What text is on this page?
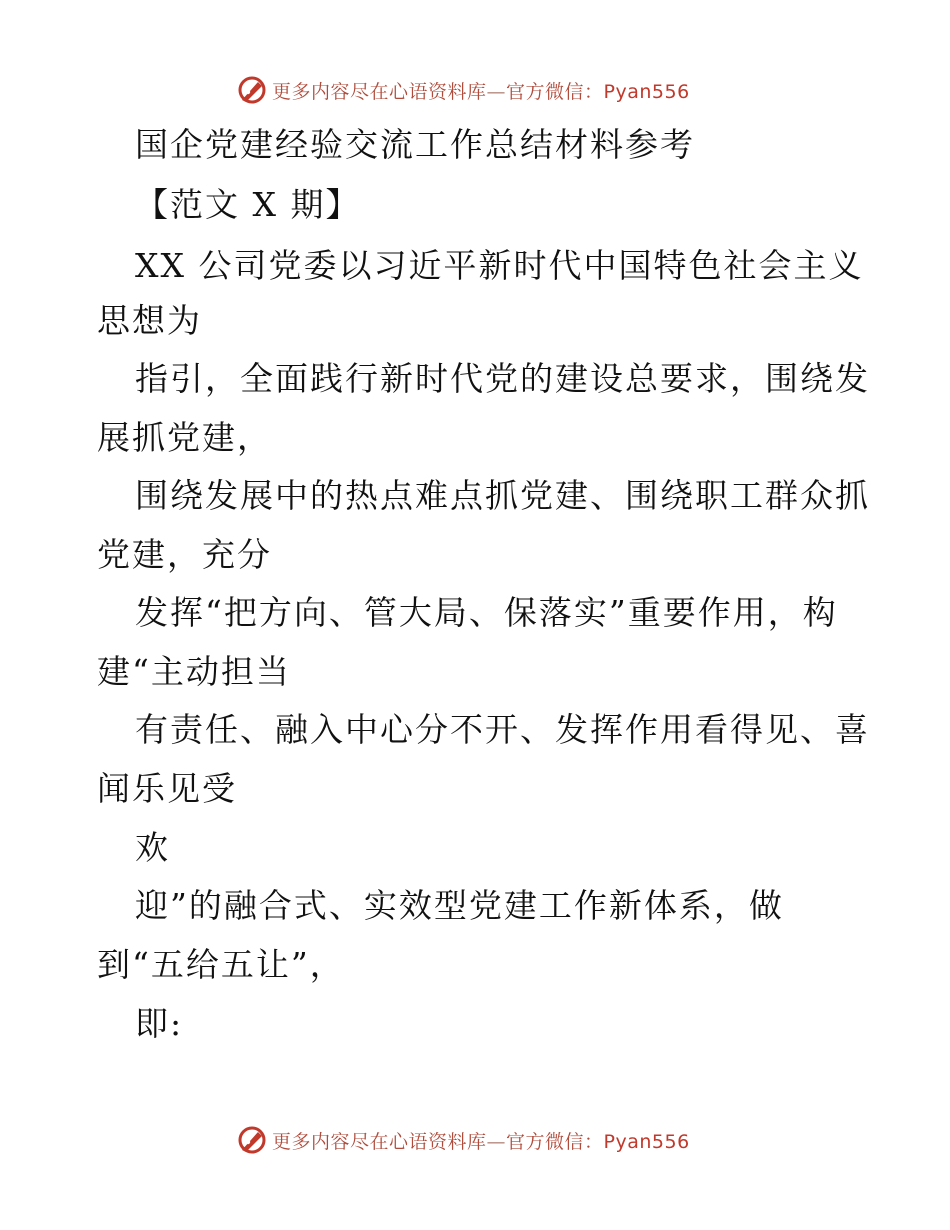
更多内容尽在心语资料库—官方微信：Pyan556
国企党建经验交流工作总结材料参考
【范文 X 期】
XX 公司党委以习近平新时代中国特色社会主义
思想为
指引，全面践行新时代党的建设总要求，围绕发
展抓党建，
围绕发展中的热点难点抓党建、围绕职工群众抓
党建，充分
发挥“把方向、管大局、保落实”重要作用，构
建“主动担当
有责任、融入中心分不开、发挥作用看得见、喜
闻乐见受
欢
迎”的融合式、实效型党建工作新体系，做
到“五给五让”，
即:
更多内容尽在心语资料库—官方微信：Pyan556
